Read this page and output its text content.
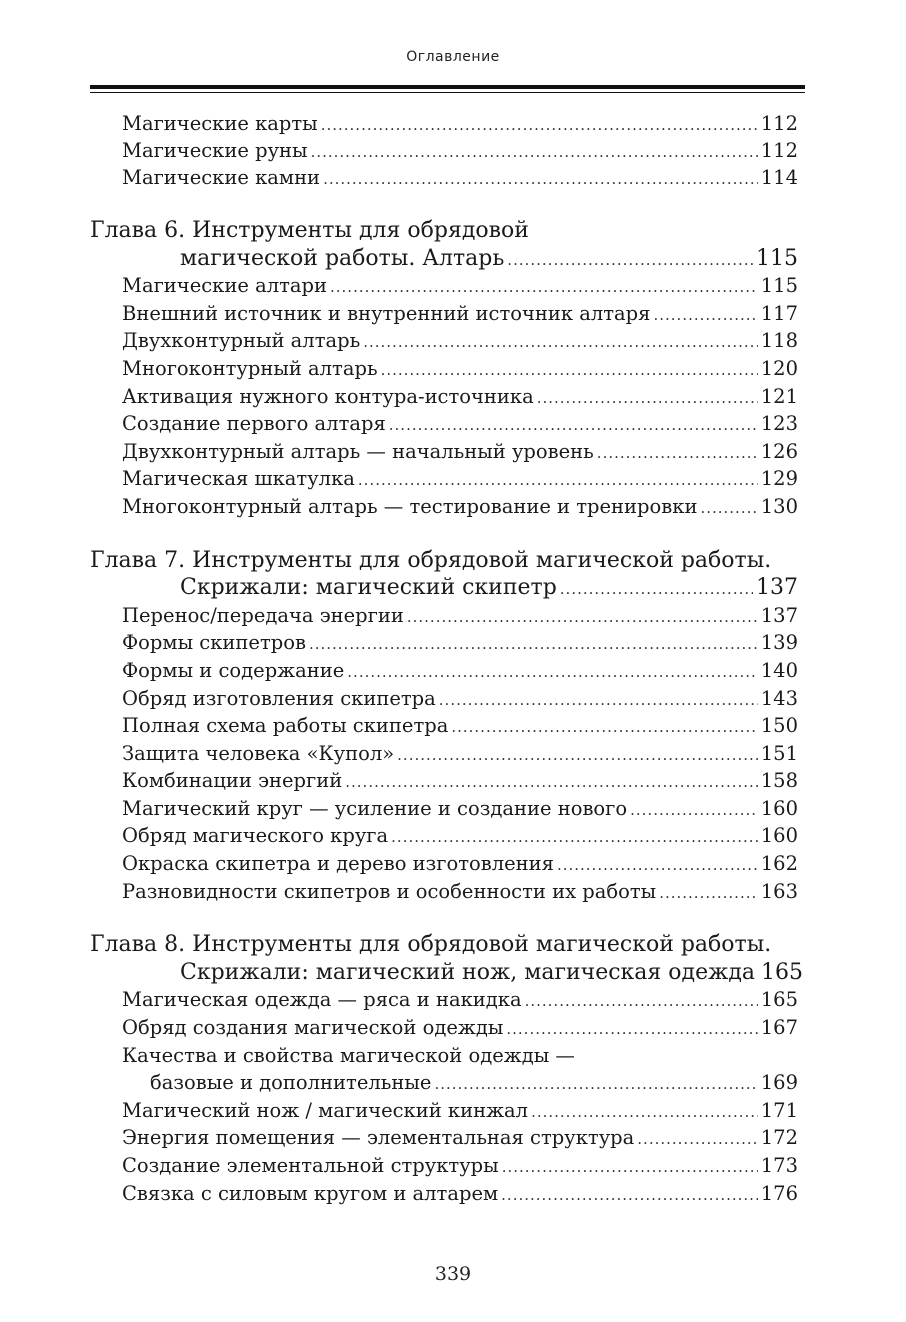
Оглавление
Магические карты .....	112
Магические руны .....	112
Магические камни .....	114
Глава 6. Инструменты для обрядовой
магической работы. Алтарь .....	115
Магические алтари .....	115
Внешний источник и внутренний источник алтаря .....	117
Двухконтурный алтарь .....	118
Многоконтурный алтарь .....	120
Активация нужного контура-источника .....	121
Создание первого алтаря .....	123
Двухконтурный алтарь — начальный уровень .....	126
Магическая шкатулка .....	129
Многоконтурный алтарь — тестирование и тренировки .....	130
Глава 7. Инструменты для обрядовой магической работы.
Скрижали: магический скипетр .....	137
Перенос/передача энергии .....	137
Формы скипетров .....	139
Формы и содержание .....	140
Обряд изготовления скипетра .....	143
Полная схема работы скипетра .....	150
Защита человека «Купол» .....	151
Комбинации энергий .....	158
Магический круг — усиление и создание нового .....	160
Обряд магического круга .....	160
Окраска скипетра и дерево изготовления .....	162
Разновидности скипетров и особенности их работы .....	163
Глава 8. Инструменты для обрядовой магической работы.
Скрижали: магический нож, магическая одежда 165
Магическая одежда — ряса и накидка .....	165
Обряд создания магической одежды .....	167
Качества и свойства магической одежды —
базовые и дополнительные .....	169
Магический нож / магический кинжал .....	171
Энергия помещения — элементальная структура .....	172
Создание элементальной структуры .....	173
Связка с силовым кругом и алтарем .....	176
339
